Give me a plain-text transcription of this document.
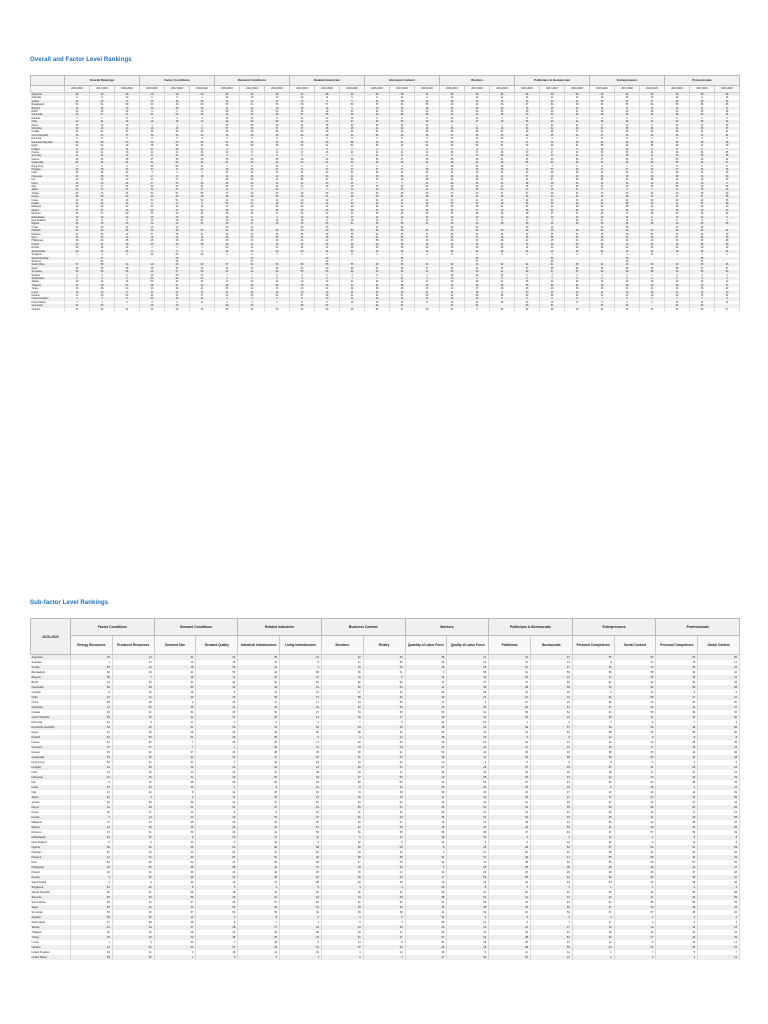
Overall and Factor Level Rankings
	Overall Rankings			Factor Conditions			Demand Conditions			Related Industries			Business Context			Workers			Politicians & Bureaucrats			Entrepreneurs			Professionals		
	2015-2016	2017-2018	2019-2020	2015-2016	2017-2018	2019-2020	2015-2016	2017-2018	2019-2020	2015-2016	2017-2018	2019-2020	2015-2016	2017-2018	2019-2020	2015-2016	2017-2018	2019-2020	2015-2016	2017-2018	2019-2020	2015-2016	2017-2018	2019-2020	2015-2016	2017-2018	2019-2020
Argentina	48	49	49	19	19	20	36	32	38	37	38	42	34	38	31	45	35	35	51	49	50	46	52	50	52	50	50
Australia	9	9	10	6	5	1	15	13	17	13	11	9	8	14	6	14	13	12	11	11	12	15	15	10	15	9	16
Austria	19	20	17	46	46	49	16	16	16	15	9	5	16	18	10	18	15	14	19	20	19	35	23	17	29	26	22
Bangladesh	54	51	59	33	33	60	58	51	56	58	57	59	57	51	55	49	49	36	57	54	53	54	55	54	55	58	55
Belgium	16	16	13	39	36	28	12	12	19	15	14	6	13	16	20	33	30	20	15	15	14	16	17	13	14	11	11
Brazil	44	48	52	5	6	10	58	56	53	45	49	53	52	43	46	46	49	50	46	40	41	39	40	39	40	33	36
Cambodia	53	57	61	54	52	55	42	36	38	57	58	59	49	58	56	32	31	38	53	53	54	58	59	60	58	50	54
Canada	7	7	5	4	4	4	10	11	6	11	12	16	5	6	5	12	12	7	8	8	4	1	2	3	3	7	6
Chile	40	41	39	16	16	13	40	40	36	41	37	37	36	35	26	22	27	18	36	24	21	36	36	30	36	35	44
China	15	13	16	1	1	1	25	28	29	21	28	23	33	23	26	1	1	1	23	22	22	8	10	9	21	13	15
Colombia	50	46	41	16	18	17	57	56	37	47	45	45	41	39	49	38	34	16	51	52	49	34	35	35	44	38	37
Croatia	61	61	57	36	39	28	25	28	25	39	29	32	61	60	56	58	58	57	49	48	47	61	60	60	60	61	61
Czech Republic	36	33	37	39	44	22	32	28	26	26	29	29	29	29	26	47	45	33	42	35	32	47	46	34	26	32	34
Denmark	5	5	3	2	2	2	9	5	4	4	3	5	4	5	3	27	23	22	3	3	3	11	8	4	2	3	3
Dominican Republic	59	59	60	59	53	54	52	54	45	59	59	58	62	61	57	55	60	57	47	36	39	59	60	59	59	60	58
Egypt	52	54	48	38	38	33	55	56	48	56	54	52	50	49	52	50	50	51	50	49	51	55	45	56	48	47	49
Finland	8	10	11	27	20	21	4	4	1	6	5	7	2	1	2	5	4	5	4	6	5	12	14	6	8	6	7
France	22	21	23	42	41	36	19	17	13	17	16	20	21	21	21	36	37	36	17	17	16	25	25	16	26	34	45
Germany	11	11	14	21	17	24	3	4	9	5	7	1	11	11	14	17	13	20	12	13	11	11	16	11	19	15	15
Greece	49	43	38	37	35	30	39	36	30	26	21	26	54	47	36	55	49	51	35	33	30	37	36	37	51	40	41
Guatemala	56	56	54	51	52	46	51	50	46	53	51	50	56	55	54	48	44	45	55	55	48	57	56	58	55	54	57
Hong Kong	3	3	4	56	56	41	7	8	13	2	4	8	1	4	1	29	31	26	7	7	6	9	7	8	5	5	8
Hungary	29	28	33	47	47	41	29	33	37	31	27	27	37	27	38	41	43	45	51	50	60	27	27	22	27	26	26
India	34	29	32	4	4	4	22	24	23	32	33	31	38	43	33	14	12	11	30	28	26	14	13	12	30	27	28
Indonesia	33	35	37	17	17	18	26	26	20	35	43	41	46	25	27	23	26	11	47	40	44	23	25	30	28	23	26
Iran	40	39	40	17	17	6	58	53	47	58	57	51	37	26	59	43	45	44	31	57	60	56	57	58	43	40	43
Israel	12	15	14	57	55	32	22	22	14	12	13	15	7	7	12	26	39	41	18	16	16	12	12	13	12	19	6
Italy	25	27	29	53	51	44	18	13	21	21	18	16	37	32	41	25	20	24	28	27	26	31	29	34	24	23	29
Japan	19	17	21	34	31	27	11	8	12	7	7	10	19	13	12	38	39	40	17	16	17	6	6	7	17	16	14
Jordan	39	40	44	51	51	55	27	40	34	28	29	40	46	48	40	17	30	47	27	29	31	43	40	41	40	39	40
Kenya	58	58	52	49	40	49	48	49	50	49	51	49	50	51	45	53	54	46	42	42	42	48	49	47	57	57	58
Korea	23	25	26	50	51	53	14	16	11	20	22	17	24	14	20	44	41	27	24	30	30	21	22	20	22	19	25
Kuwait	24	26	34	8	8	8	53	51	49	33	34	33	30	31	30	45	52	49	54	56	44	39	38	40	31	35	38
Malaysia	32	28	30	21	20	16	27	29	29	29	29	29	28	41	35	25	25	21	33	32	29	32	28	23	30	23	23
Mexico	37	37	43	20	17	31	38	37	49	35	33	35	43	39	42	35	17	13	50	44	56	33	32	33	33	33	33
Morocco	45	47	50	33	30	35	46	46	41	46	43	42	53	50	44	51	48	45	38	37	37	46	47	48	50	45	46
Netherlands	13	13	12	23	23	16	13	9	2	12	14	13	12	10	13	13	13	13	10	10	10	16	12	8	13	14	5
New Zealand	14	8	8	13	19	22	20	19	18	18	17	19	12	9	13	13	9	6	9	4	22	13	14	17	8	8	6
Nigeria	35	42	45	22	22	31	48	47	38	53	56	61	25	29	41	40	41	49	28	48	45	45	45	48	40	24	25
Oman	31	26	31	13	12		28	21		36	33		27	29		53	52		30	19		40	38		37	34	
Pakistan	51	52	59	52	30	56	52	54	60	60	60	60	48	49	54	54	53	53	49	45	49	62	49	62	58	62	62
Panama	41	45	42	27	25	21	44	44	33	38	38	36	24	34	27	39	39	44	44	45	43	34	29	51	43	42	39
Peru	53	53	51	12	12	14	55	57	53	51	55	51	51	56	57	39	37	19	54	56	50	59	52	60	57	54	55
Philippines	28	32	35	45	43	29	45	43	40	44	42	47	58	54	43	34	31	38	41	45	41	29	31	19	34	27	28
Poland	29	22	28	35	30	25	30	24	26	29	28	28	28	28	29	20	24	21	21	25	25	29	26	29	28	25	26
Russia	38	39	34	3	3	3	40	41	31	34	34	36	59	55	49	45	45	43	44	42	42	54	52	54	42	40	39
Saudi Arabia	33	21	25	9	9	6	34	27	23	30	24	30	32	29	24	36	34	29	24	24	23	51	25	32	40	39	44
Singapore	1	2	3	62	62	62	3	6	7	1	1	6	1	2	4	8	4	9	1	1	2	3	3	11	1	1	1
Slovak Republic		47			29			44			28			34			60			52			36			38	
Slovenia		22			26			27			22			17			37			20			23			31	
South Africa	57	58	49	29	28	29	57	54	56	58	55	55	48	56	52	62	62	62	61	61	59	41	43	50	40	45	48
Spain	45	36	36	45	45	43	23	24	28	22	23	24	24	39	37	42	44	43	37	38	36	30	39	36	36	37	37
Sri Lanka	58	55	55	55	57	55	51	49	48	55	56	56	53	53	51	56	53	51	59	57	57	59	58	58	52	56	53
Sweden	2	3	5	29	29	10	7	7	6	3	3	3	5	5	1	28	33	32	2	2	2	2	4	1	2	3	2
Switzerland	6	6	6	54	54	41	6	5	5	4	6	4	7	11	6	10	9	8	6	6	5	4	5	6	6	4	4
Taiwan	15	14	16	50	46	46	17	20	24	10	19	21	20	12	17	23	26	27	25	22	29	13	18	18	19	16	12
Thailand	27	28	27	28	27	49	28	25	28	25	23	22	23	26	19	16	18	15	35	39	34	18	20	20	18	16	17
Turkey	43	38	40	40	42	41	45	41	43	43	41	39	38	36	40	42	47	29	28	29	33	30	31	31	34	35	32
U.A.E.	10	12	9	11	14	14	24	21	22	18	19	11	26	19	11	21	18	9	13	13	13	11	10	10	11	13	10
Ukraine	47	50	50	43	43	47	31	35	31	37	38	41	39	47	50	44	28	25	60	58	56	31	47	49	44	45	51
United Kingdom	4	4	8	30	32	29	2	3	6	8	10	11	14	11	11	10	10	8	5	5	8	7	8	5	7	7	5
United States	7	7	6	2	2	11	1	1	1	8	6	10	14	15	8	34	42	38	13	15	17	5	4	1	15	11	11
Venezuela	62	62		15	15		60	61		58	62		62	61		57	61		60	61		62	62		62	62	
Vietnam	34	36	32	25	24	45	35	32	30	50	50	49	56	37	28	21	6	24	34	36	40	20	20	40	42	29	37
Sub-factor Level Rankings
2019-2020	Factor Conditions		Demand Conditions		Related Industries		Business Context		Workers		Politicians & Bureaucrats		Entrepreneurs		Professionals	
	Energy Resources	Produced Resources	Demand Size	Demand Quality	Industrial Infrastructure	Living Infrastructure	Structure	Rivalry	Quantity of Labor Force	Quality of Labor Force	Politicians	Bureaucrats	Personal Competence	Social Context	Personal Competence	Social Context
Argentina	19	14	41	34	36	44	40	40	38	21	41	37	55	50	52	50
Australia	1	12	10	15	10	8	11	39	60	16	11	11	8	17	19	12
Austria	55	13	18	33	13	4	16	16	40	26	15	17	10	13	25	22
Bangladesh	60	29	22	55	44	58	50	61	3	58	51	55	56	58	42	42
Belgium	48	7	28	12	16	12	12	6	42	29	20	12	13	15	18	16
Brazil	13	33	31	44	50	50	26	39	27	47	37	48	42	32	54	54
Cambodia	60	38	53	44	45	61	52	60	11	58	48	58	54	60	59	58
Canada	9	10	16	5	13	10	17	16	28	28	20	25	9	12	6	5
Chile	10	21	40	33	39	37	58	36	29	22	21	16	36	58	47	47
China	25	28	2	24	17	17	34	35	17	6	12	20	28	24	20	30
Colombia	11	32	46	31	46	44	42	49	19	32	32	44	47	20	43	37
Croatia	39	22	54	35	52	27	54	25	53	31	59	52	44	55	39	54
Czech Republic	36	16	32	37	23	13	33	17	29	34	36	24	25	31	34	40
Denmark	44	6	17	2	3	4	7	6	42	51	1	2	4	6	7	6
Dominican Republic	52	40	51	59	42	52	54	45	18	43	49	57	39	36	49	50
Egypt	42	49	26	52	49	50	58	45	56	30	54	53	58	56	58	50
Finland	40	50	51	39	35	6	3	10	48	19	6	6	12	6	8	8
France	44	30	7	36	20	17	20	20	50	51	19	16	13	19	28	46
Germany	37	27	7	1	10	12	13	20	32	23	14	10	10	17	16	15
Greece	25	32	37	46	28	25	30	31	53	23	45	33	38	35	43	36
Guatemala	29	55	34	43	47	60	61	53	38	41	53	58	58	60	42	48
Hong Kong	62	61	51	6	10	23	10	20	10	3	5	9	8	5	3	0
Hungary	24	36	42	42	32	24	46	15	27	29	57	36	27	21	23	33
India	31	32	13	41	27	38	33	12	16	32	25	26	29	11	27	23
Indonesia	24	45	42	40	51	43	27	55	10	38	45	43	42	33	33	33
Iran	9	15	48	52	53	34	60	55	20	53	57	61	49	54	48	45
Israel	51	33	22	4	9	21	8	32	29	29	20	19	2	18	4	16
Italy	27	42	8	22	25	16	34	18	30	23	15	37	43	33	14	39
Japan	46	4	4	11	16	15	26	16	41	40	25	21	12	24	46	50
Jordan	51	58	58	41	37	26	40	32	20	42	21	30	32	42	37	44
Kenya	32	59	61	61	57	54	50	53	45	50	34	35	59	58	60	60
Korea	36	47	14	9	8	22	31	33	42	24	42	31	20	20	17	16
Kuwait	6	14	43	43	52	37	51	40	45	51	54	45	45	21	39	58
Malaysia	17	14	38	30	32	30	40	37	19	13	48	32	26	22	28	20
Mexico	21	28	26	32	41	51	42	48	18	25	42	53	21	49	23	35
Morocco	47	51	50	49	41	55	51	35	53	48	47	46	47	57	59	49
Netherlands	34	12	9	20	14	11	5	12	18	33	4	4	12	1	9	8
New Zealand	6	6	24	3	16	9	22	6	14	4	6	16	20	9	11	8
Nigeria	60	50	25	60	60	58	60	58	9	26	49	52	57	54	51	59
Pakistan	57	54	40	54	51	54	33	26	2	61	60	45	59	54	46	46
Panama	12	42	34	54	61	40	38	48	31	51	46	41	55	58	43	43
Peru	54	46	52	41	59	48	47	29	33	47	45	52	55	58	57	53
Philippines	40	50	48	58	44	47	29	40	5	18	38	38	48	40	24	27
Poland	20	31	36	29	34	25	25	23	33	26	26	26	18	36	27	28
Russia	4	30	35	44	46	52	28	34	17	56	58	44	45	55	39	41
Saudi Arabia	3	8	43	19	47	28	42	36	10	32	23	24	34	19	45	40
Singapore	61	62	8	5	2	5	4	4	23	8	3	1	1	1	4	4
Slovak Republic	50	61	56	48	44	42	52	46	35	54	60	46	56	52	55	58
Slovenia	58	36	59	26	21	19	34	29	28	51	41	44	42	41	36	35
South Africa	28	24	57	36	57	56	31	30	61	52	42	42	44	38	55	53
Spain	35	40	23	50	26	21	39	30	36	48	33	40	37	40	49	42
Sri Lanka	53	60	57	53	55	42	53	48	11	52	62	56	57	57	45	45
Sweden	56	16	19	3	9	2	1	6	54	9	5	3	3	2	2	2
Switzerland	37	38	48	9	7	1	5	4	56	14	2	7	11	4	4	4
Taiwan	42	34	27	28	17	24	13	38	20	14	21	17	16	14	12	15
Thailand	26	30	28	42	33	28	33	22	25	16	40	31	26	20	20	26
Turkey	33	43	22	48	30	33	41	37	27	33	48	52	32	27	42	43
U.A.E.	2	6	53	7	18	5	14	8	31	28	30	21	12	6	10	13
Ukraine	14	34	54	51	29	31	57	43	24	18	58	56	44	51	53	51
United Kingdom	49	21	3	18	14	10	4	14	36	9	21	11	4	7	5	7
United States	18	20	1	5	4	1	6	2	27	36	16	12	2	3	6	12
